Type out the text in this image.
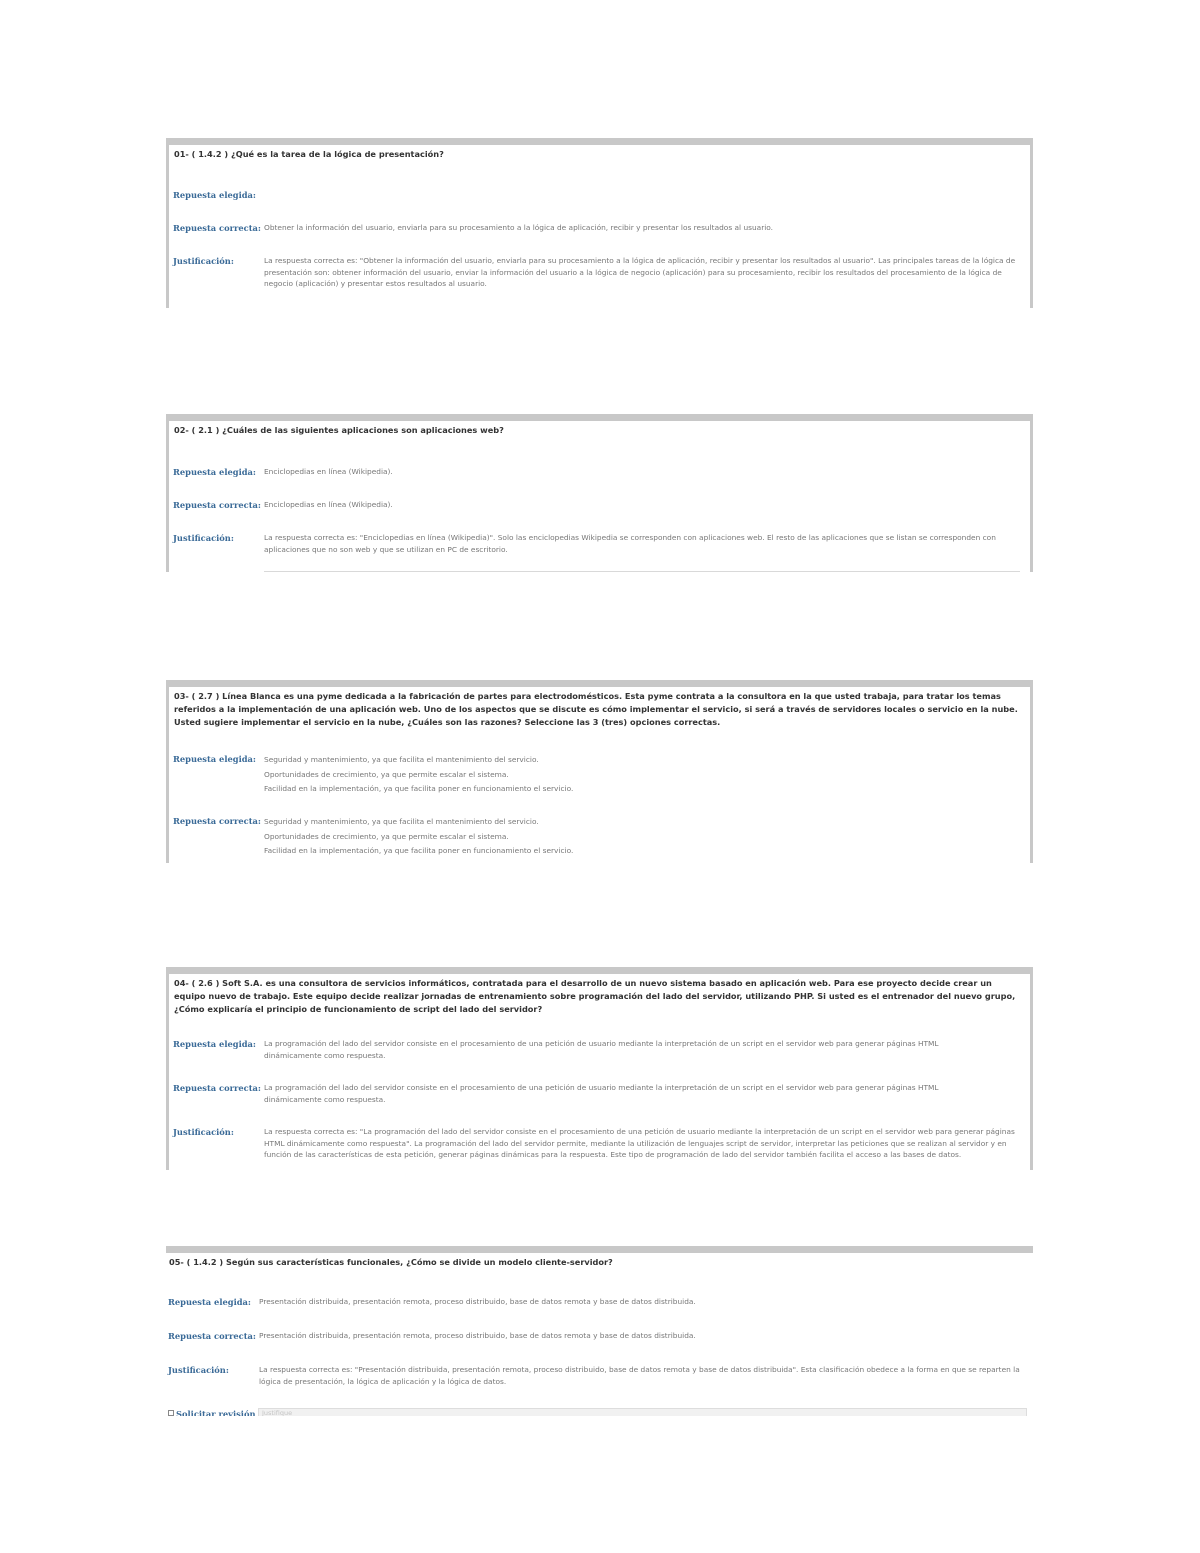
01- ( 1.4.2 ) ¿Qué es la tarea de la lógica de presentación?
Repuesta elegida:
Repuesta correcta: Obtener la información del usuario, enviarla para su procesamiento a la lógica de aplicación, recibir y presentar los resultados al usuario.
Justificación:	La respuesta correcta es: "Obtener la información del usuario, enviarla para su procesamiento a la lógica de aplicación, recibir y presentar los resultados al usuario". Las principales tareas de la lógica de presentación son: obtener información del usuario, enviar la información del usuario a la lógica de negocio (aplicación) para su procesamiento, recibir los resultados del procesamiento de la lógica de negocio (aplicación) y presentar estos resultados al usuario.
02- ( 2.1 ) ¿Cuáles de las siguientes aplicaciones son aplicaciones web?
Repuesta elegida: Enciclopedias en línea (Wikipedia).
Repuesta correcta: Enciclopedias en línea (Wikipedia).
Justificación:	La respuesta correcta es: "Enciclopedias en línea (Wikipedia)". Solo las enciclopedias Wikipedia se corresponden con aplicaciones web. El resto de las aplicaciones que se listan se corresponden con aplicaciones que no son web y que se utilizan en PC de escritorio.
03- ( 2.7 ) Línea Blanca es una pyme dedicada a la fabricación de partes para electrodomésticos. Esta pyme contrata a la consultora en la que usted trabaja, para tratar los temas referidos a la implementación de una aplicación web. Uno de los aspectos que se discute es cómo implementar el servicio, si será a través de servidores locales o servicio en la nube. Usted sugiere implementar el servicio en la nube, ¿Cuáles son las razones? Seleccione las 3 (tres) opciones correctas.
Repuesta elegida: Seguridad y mantenimiento, ya que facilita el mantenimiento del servicio.
Oportunidades de crecimiento, ya que permite escalar el sistema.
Facilidad en la implementación, ya que facilita poner en funcionamiento el servicio.
Repuesta correcta: Seguridad y mantenimiento, ya que facilita el mantenimiento del servicio.
Oportunidades de crecimiento, ya que permite escalar el sistema.
Facilidad en la implementación, ya que facilita poner en funcionamiento el servicio.
04- ( 2.6 ) Soft S.A. es una consultora de servicios informáticos, contratada para el desarrollo de un nuevo sistema basado en aplicación web. Para ese proyecto decide crear un equipo nuevo de trabajo. Este equipo decide realizar jornadas de entrenamiento sobre programación del lado del servidor, utilizando PHP. Si usted es el entrenador del nuevo grupo, ¿Cómo explicaría el principio de funcionamiento de script del lado del servidor?
Repuesta elegida: La programación del lado del servidor consiste en el procesamiento de una petición de usuario mediante la interpretación de un script en el servidor web para generar páginas HTML dinámicamente como respuesta.
Repuesta correcta: La programación del lado del servidor consiste en el procesamiento de una petición de usuario mediante la interpretación de un script en el servidor web para generar páginas HTML dinámicamente como respuesta.
Justificación:	La respuesta correcta es: "La programación del lado del servidor consiste en el procesamiento de una petición de usuario mediante la interpretación de un script en el servidor web para generar páginas HTML dinámicamente como respuesta". La programación del lado del servidor permite, mediante la utilización de lenguajes script de servidor, interpretar las peticiones que se realizan al servidor y en función de las características de esta petición, generar páginas dinámicas para la respuesta. Este tipo de programación de lado del servidor también facilita el acceso a las bases de datos.
05- ( 1.4.2 ) Según sus características funcionales, ¿Cómo se divide un modelo cliente-servidor?
Repuesta elegida: Presentación distribuida, presentación remota, proceso distribuido, base de datos remota y base de datos distribuida.
Repuesta correcta: Presentación distribuida, presentación remota, proceso distribuido, base de datos remota y base de datos distribuida.
Justificación:	La respuesta correcta es: "Presentación distribuida, presentación remota, proceso distribuido, base de datos remota y base de datos distribuida". Esta clasificación obedece a la forma en que se reparten la lógica de presentación, la lógica de aplicación y la lógica de datos.
Solicitar revisión Justifique
